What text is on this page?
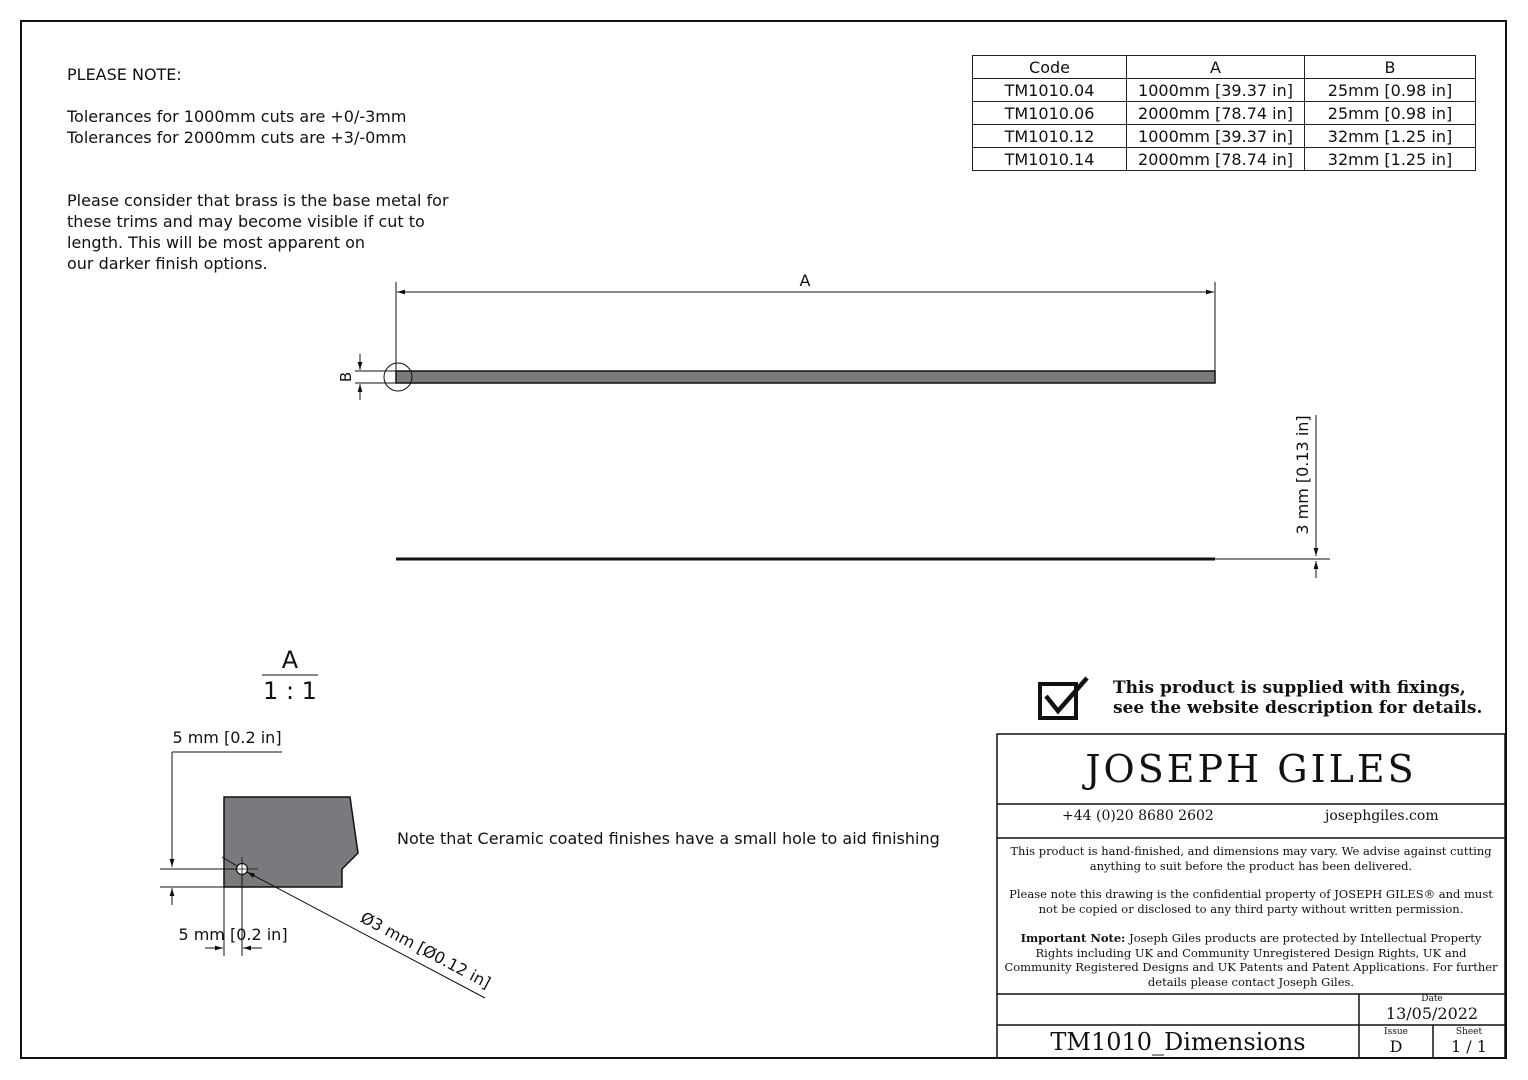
A
B
3 mm [0.13 in]
A
1 : 1
5 mm [0.2 in]
5 mm [0.2 in]	Ø3 mm [Ø0.12 in]
PLEASE NOTE:
Tolerances for 1000mm cuts are +0/-3mm
Tolerances for 2000mm cuts are +3/-0mm
Please consider that brass is the base metal for
these trims and may become visible if cut to
length. This will be most apparent on
our darker finish options.
Code	A	B
TM1010.04	1000mm [39.37 in]	25mm [0.98 in]
TM1010.06	2000mm [78.74 in]	25mm [0.98 in]
TM1010.12	1000mm [39.37 in]	32mm [1.25 in]
TM1010.14	2000mm [78.74 in]	32mm [1.25 in]
Note that Ceramic coated finishes have a small hole to aid finishing
This product is supplied with fixings,
see the website description for details.
JOSEPH GILES
+44 (0)20 8680 2602	josephgiles.com
This product is hand-finished, and dimensions may vary. We advise against cutting anything to suit before the product has been delivered.
Please note this drawing is the confidential property of JOSEPH GILES® and must not be copied or disclosed to any third party without written permission.
Important Note: Joseph Giles products are protected by Intellectual Property Rights including UK and Community Unregistered Design Rights, UK and Community Registered Designs and UK Patents and Patent Applications. For further details please contact Joseph Giles.
Date
13/05/2022
Issue
D
Sheet
1 / 1
TM1010_Dimensions
